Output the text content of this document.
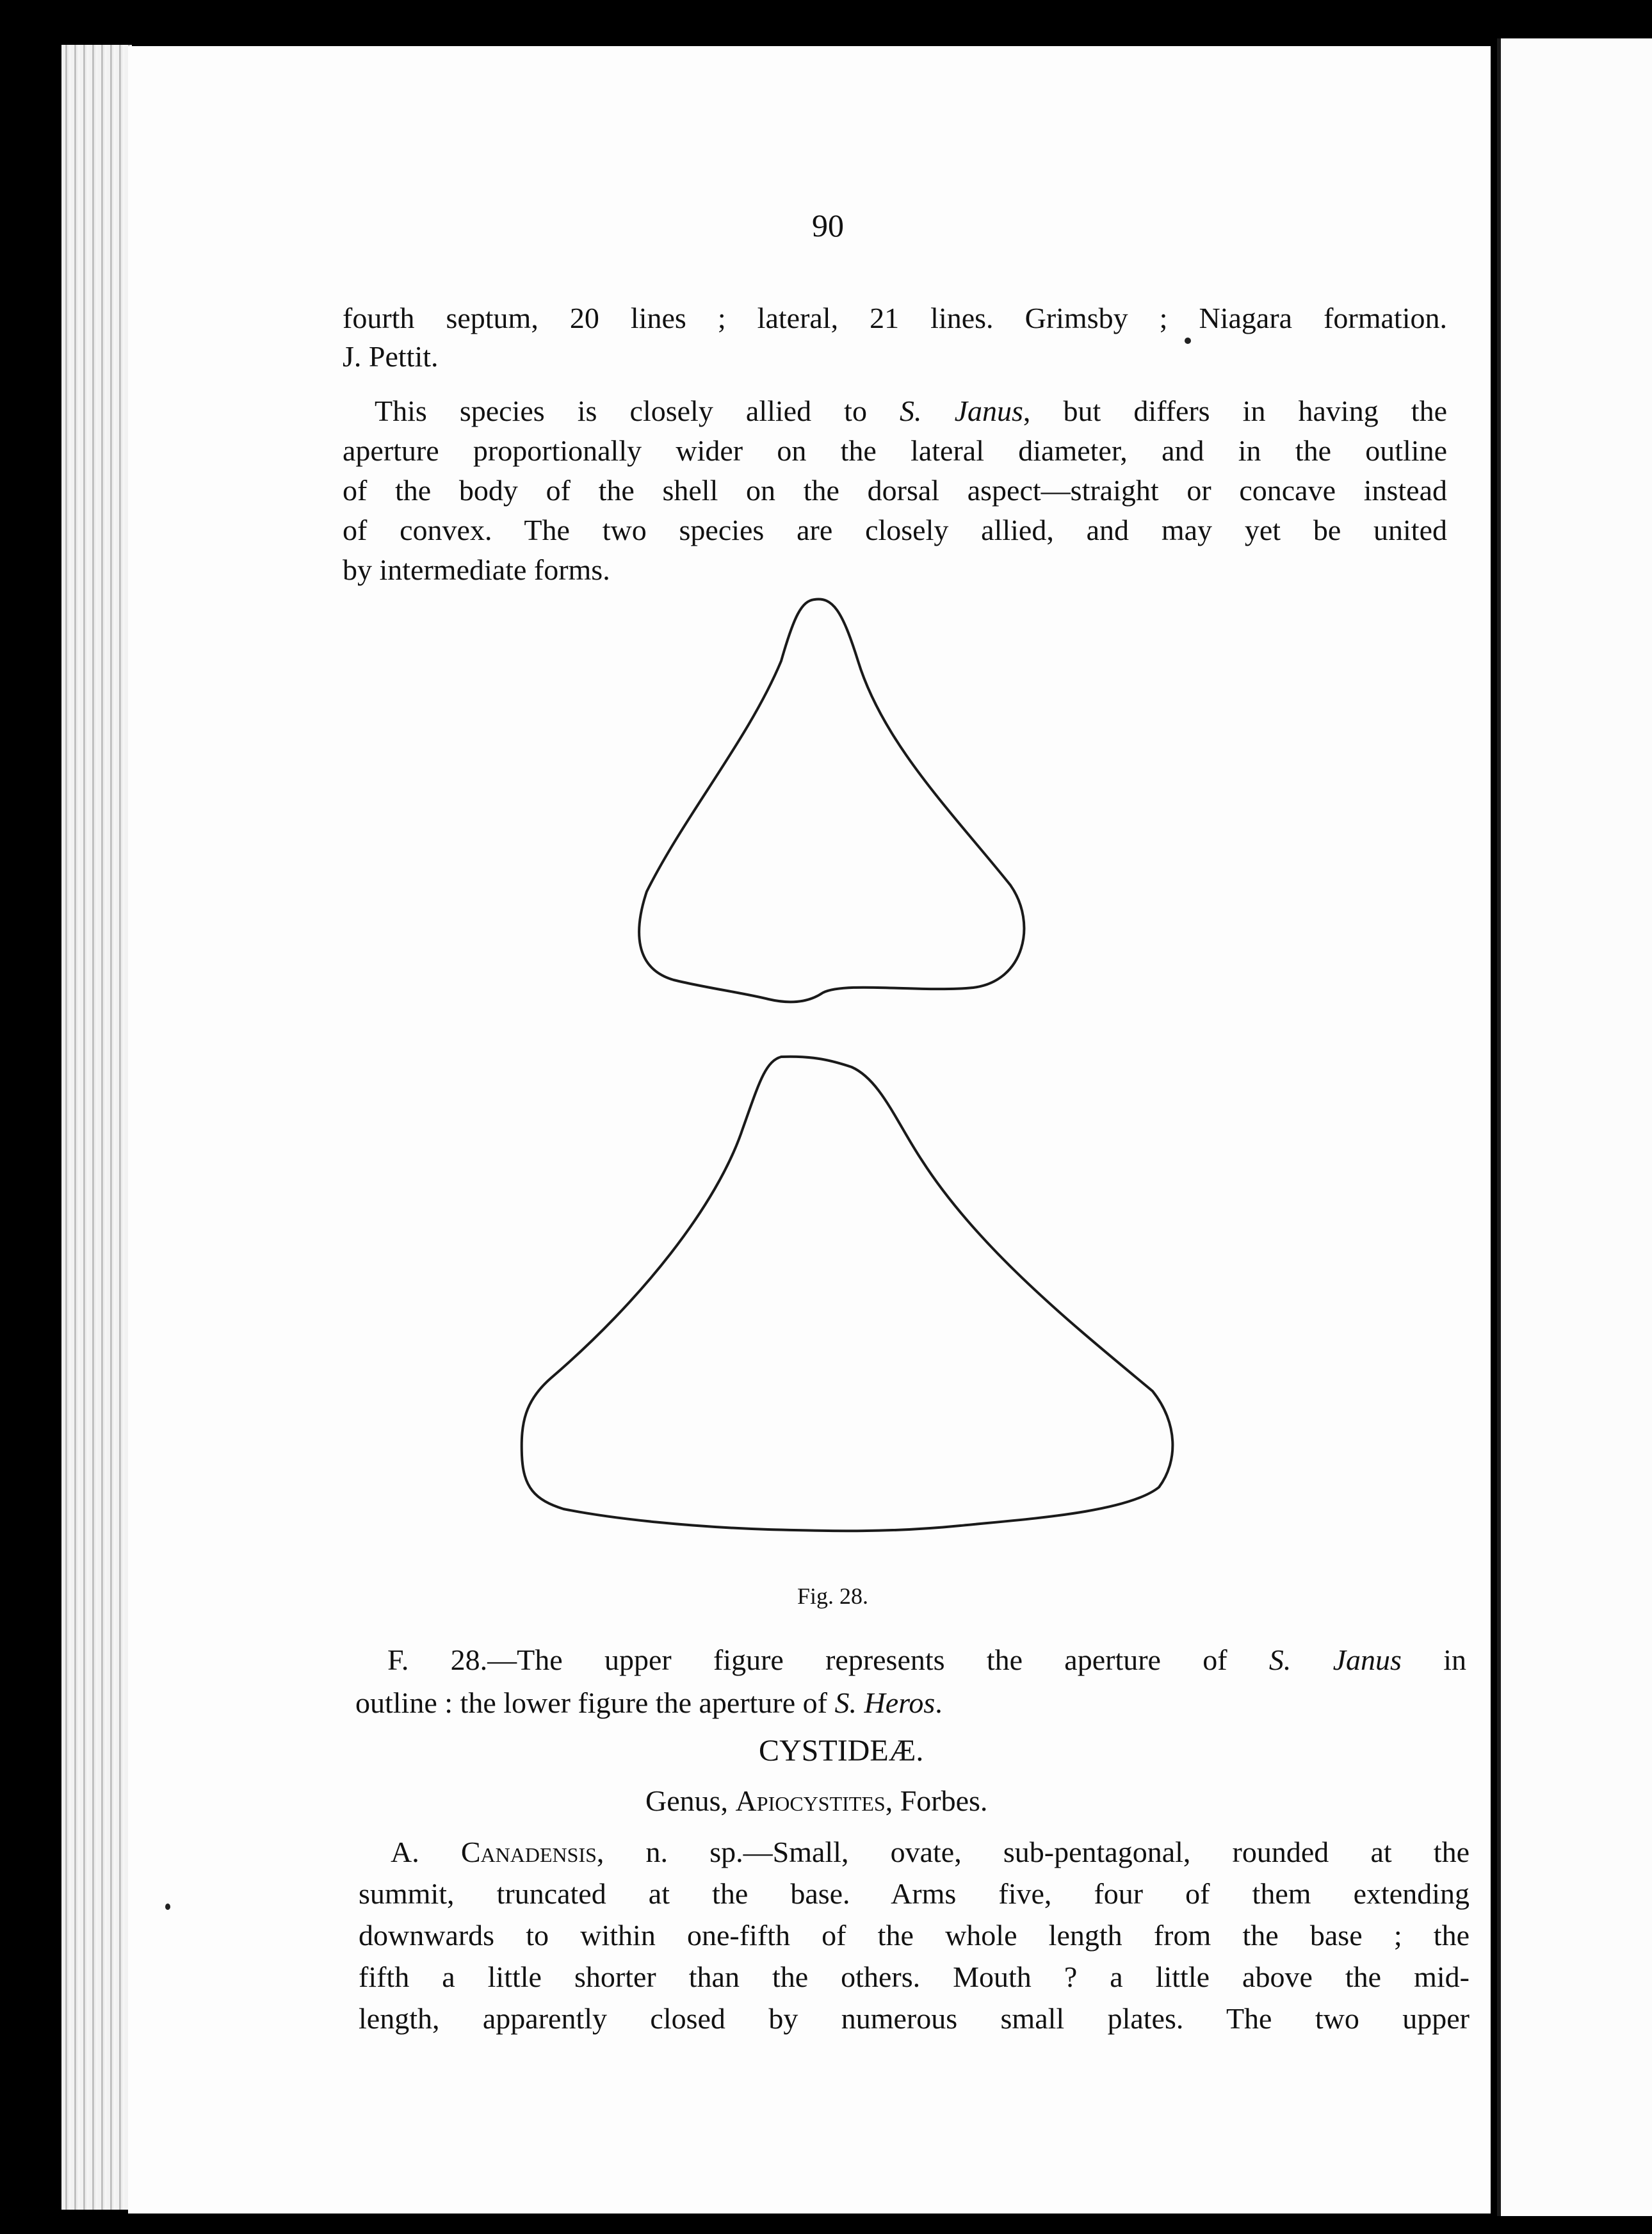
90
fourth septum, 20 lines ; lateral, 21 lines. Grimsby ; Niagara formation.
J. Pettit.
This species is closely allied to S. Janus, but differs in having the
aperture proportionally wider on the lateral diameter, and in the outline
of the body of the shell on the dorsal aspect—straight or concave instead
of convex. The two species are closely allied, and may yet be united
by intermediate forms.
Fig. 28.
F. 28.—The upper figure represents the aperture of S. Janus in
outline : the lower figure the aperture of S. Heros.
CYSTIDEÆ.
Genus, Apiocystites, Forbes.
A. Canadensis, n. sp.—Small, ovate, sub-pentagonal, rounded at the
summit, truncated at the base. Arms five, four of them extending
downwards to within one-fifth of the whole length from the base ; the
fifth a little shorter than the others. Mouth ? a little above the mid-
length, apparently closed by numerous small plates. The two upper
